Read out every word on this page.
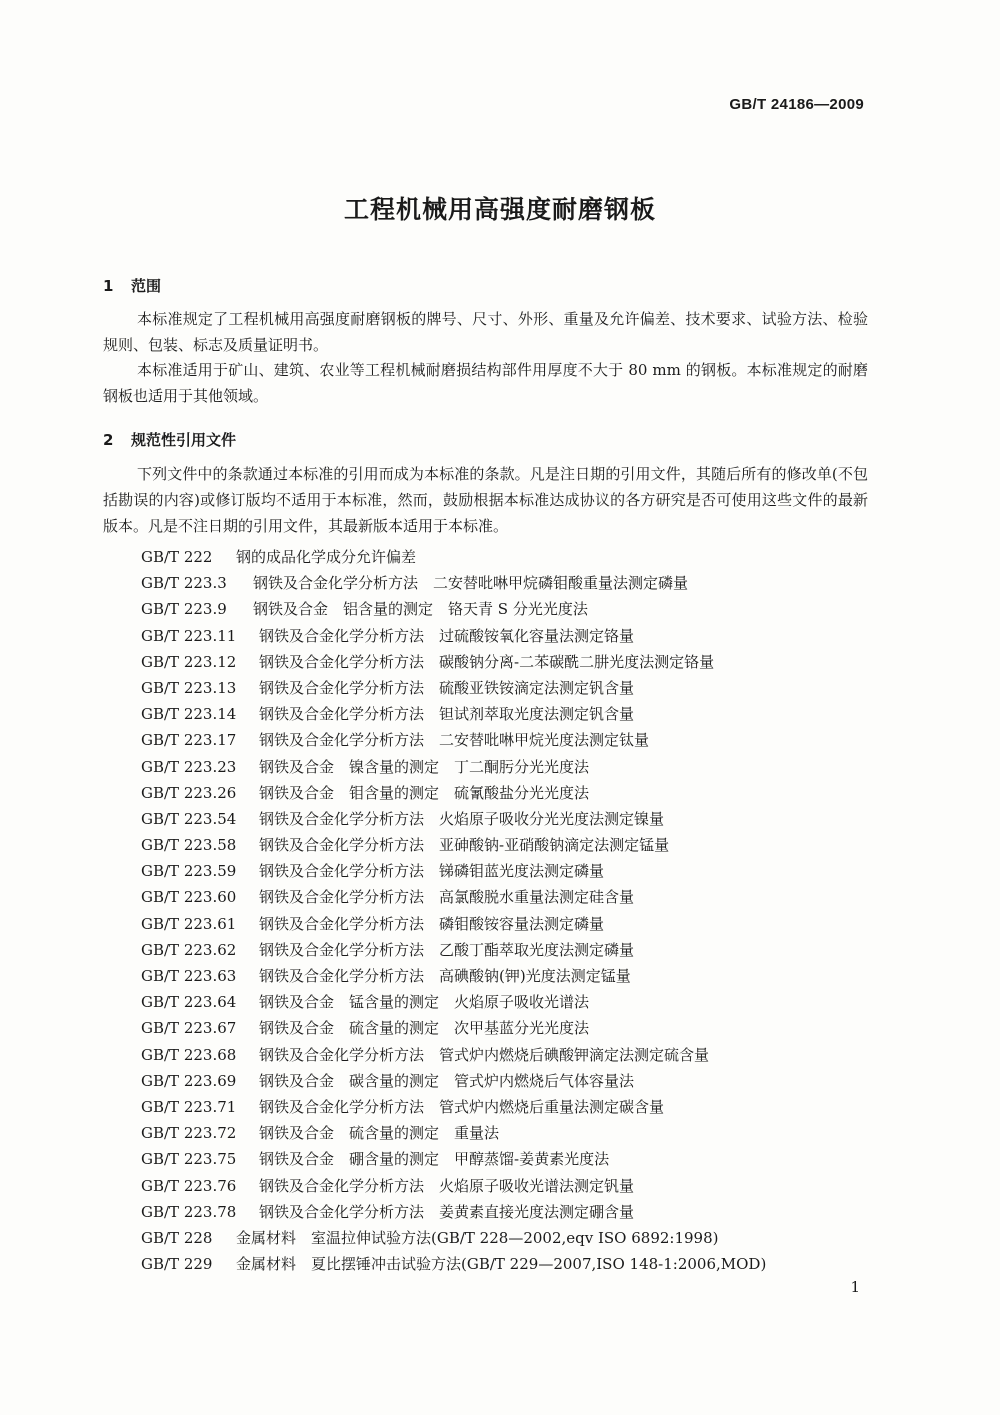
GB/T 24186—2009
工程机械用高强度耐磨钢板
1 范围

本标准规定了工程机械用高强度耐磨钢板的牌号、尺寸、外形、重量及允许偏差、技术要求、试验方法、检验规则、包装、标志及质量证明书。

本标准适用于矿山、建筑、农业等工程机械耐磨损结构部件用厚度不大于 80 mm 的钢板。本标准规定的耐磨钢板也适用于其他领域。

2 规范性引用文件

下列文件中的条款通过本标准的引用而成为本标准的条款。凡是注日期的引用文件，其随后所有的修改单(不包括勘误的内容)或修订版均不适用于本标准，然而，鼓励根据本标准达成协议的各方研究是否可使用这些文件的最新版本。凡是不注日期的引用文件，其最新版本适用于本标准。

GB/T 222 钢的成品化学成分允许偏差
GB/T 223.3 钢铁及合金化学分析方法　二安替吡啉甲烷磷钼酸重量法测定磷量
GB/T 223.9 钢铁及合金　铝含量的测定　铬天青 S 分光光度法
GB/T 223.11 钢铁及合金化学分析方法　过硫酸铵氧化容量法测定铬量
GB/T 223.12 钢铁及合金化学分析方法　碳酸钠分离-二苯碳酰二肼光度法测定铬量
GB/T 223.13 钢铁及合金化学分析方法　硫酸亚铁铵滴定法测定钒含量
GB/T 223.14 钢铁及合金化学分析方法　钽试剂萃取光度法测定钒含量
GB/T 223.17 钢铁及合金化学分析方法　二安替吡啉甲烷光度法测定钛量
GB/T 223.23 钢铁及合金　镍含量的测定　丁二酮肟分光光度法
GB/T 223.26 钢铁及合金　钼含量的测定　硫氰酸盐分光光度法
GB/T 223.54 钢铁及合金化学分析方法　火焰原子吸收分光光度法测定镍量
GB/T 223.58 钢铁及合金化学分析方法　亚砷酸钠-亚硝酸钠滴定法测定锰量
GB/T 223.59 钢铁及合金化学分析方法　锑磷钼蓝光度法测定磷量
GB/T 223.60 钢铁及合金化学分析方法　高氯酸脱水重量法测定硅含量
GB/T 223.61 钢铁及合金化学分析方法　磷钼酸铵容量法测定磷量
GB/T 223.62 钢铁及合金化学分析方法　乙酸丁酯萃取光度法测定磷量
GB/T 223.63 钢铁及合金化学分析方法　高碘酸钠(钾)光度法测定锰量
GB/T 223.64 钢铁及合金　锰含量的测定　火焰原子吸收光谱法
GB/T 223.67 钢铁及合金　硫含量的测定　次甲基蓝分光光度法
GB/T 223.68 钢铁及合金化学分析方法　管式炉内燃烧后碘酸钾滴定法测定硫含量
GB/T 223.69 钢铁及合金　碳含量的测定　管式炉内燃烧后气体容量法
GB/T 223.71 钢铁及合金化学分析方法　管式炉内燃烧后重量法测定碳含量
GB/T 223.72 钢铁及合金　硫含量的测定　重量法
GB/T 223.75 钢铁及合金　硼含量的测定　甲醇蒸馏-姜黄素光度法
GB/T 223.76 钢铁及合金化学分析方法　火焰原子吸收光谱法测定钒量
GB/T 223.78 钢铁及合金化学分析方法　姜黄素直接光度法测定硼含量
GB/T 228 金属材料　室温拉伸试验方法(GB/T 228—2002,eqv ISO 6892:1998)
GB/T 229 金属材料　夏比摆锤冲击试验方法(GB/T 229—2007,ISO 148-1:2006,MOD)
1
